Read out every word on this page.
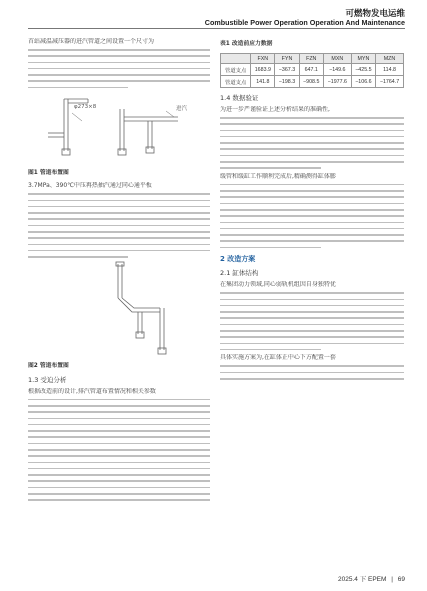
可燃物发电运维
Combustible Power Operation Operation And Maintenance
首站减温减压器的进汽管道之间设置一个尺寸为
φ273×8	进汽
图1 管道布置图
3.7MPa、390℃中压再热抽汽通过同心通平板
图2 管道布置图
1.3 受迫分析
根据改造前的设计,排汽管道布置情况和相关参数
表1 改造前应力数据
	FXN	FYN	FZN	MXN	MYN	MZN
管道支点	1683.9	−367.3	647.1	−149.6	−425.5	114.8
管道支点	141.8	−198.3	−908.5	−1977.6	−106.6	−1764.7
1.4 数据验证
为进一步严谨验证上述分析结果的准确性,
缓管和缓缸工作顺利完成后,精确测得缸体膨
2 改造方案
2.1 缸体结构
在集团动力领域,同心弱轨机组因自身独特优
具体实施方案为,在缸体正中心下方配置一套
2025.4 下 EPEM | 69
